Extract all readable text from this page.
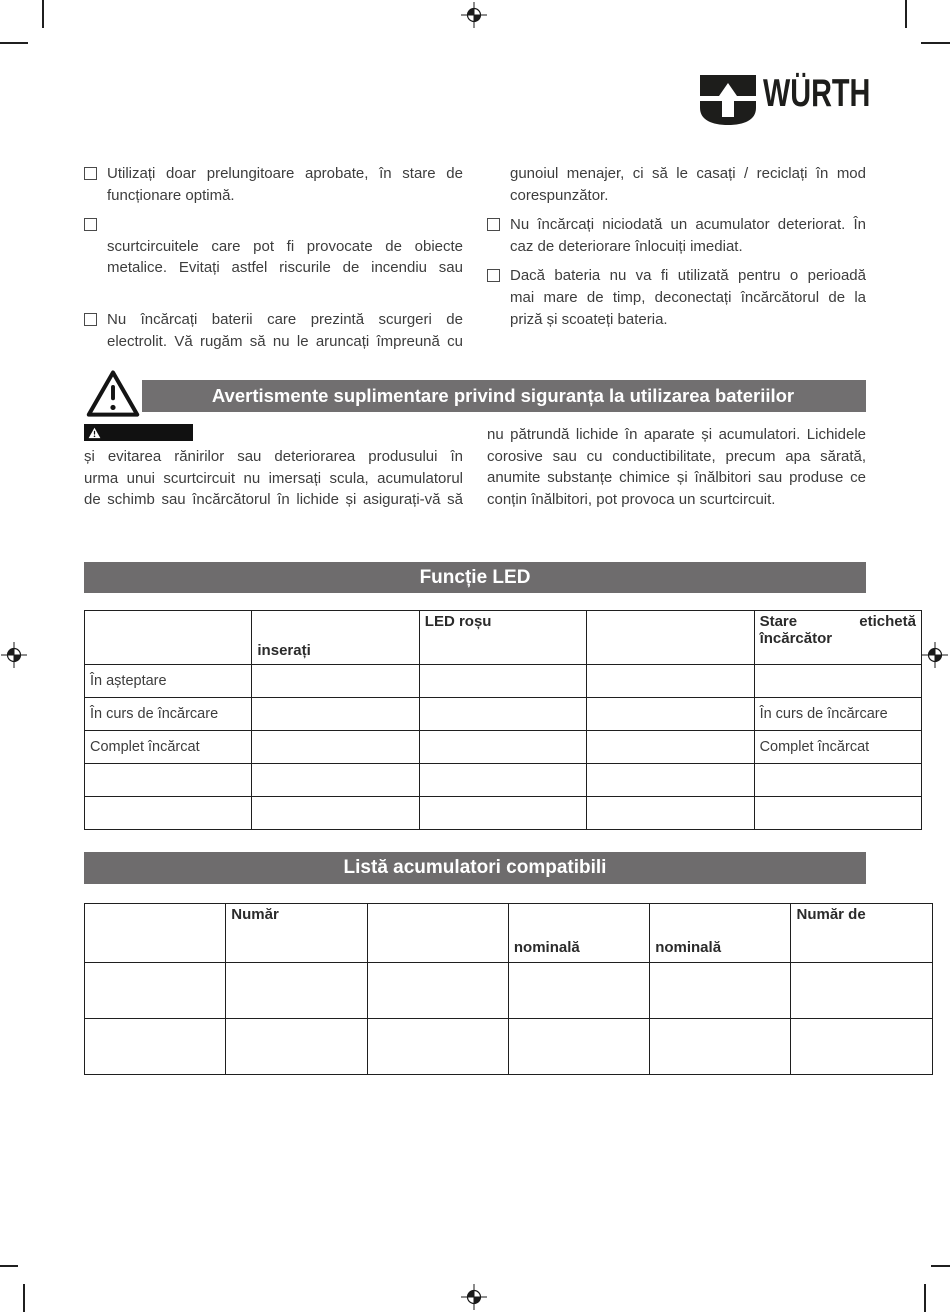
WÜRTH
Utilizați doar prelungitoare aprobate, în stare de
funcționare optimă.
scurtcircuitele care pot fi provocate de obiecte
metalice. Evitați astfel riscurile de incendiu sau
Nu încărcați baterii care prezintă scurgeri de
electrolit. Vă rugăm să nu le aruncați împreună cu
gunoiul menajer, ci să le casați / reciclați în mod
corespunzător.
Nu încărcați niciodată un acumulator deteriorat. În
caz de deteriorare înlocuiți imediat.
Dacă bateria nu va fi utilizată pentru o perioadă
mai mare de timp, deconectați încărcătorul de la
priză și scoateți bateria.
Avertismente suplimentare privind siguranța la utilizarea bateriilor
și evitarea rănirilor sau deteriorarea produsului în
urma unui scurtcircuit nu imersați scula, acumulatorul
de schimb sau încărcătorul în lichide și asigurați-vă să
nu pătrundă lichide în aparate și acumulatori. Lichidele
corosive sau cu conductibilitate, precum apa sărată,
anumite substanțe chimice și înălbitori sau produse ce
conțin înălbitori, pot provoca un scurtcircuit.
Funcție LED
	inserați	LED roșu		Stare etichetă
încărcător
În așteptare				
În curs de încărcare				În curs de încărcare
Complet încărcat				Complet încărcat

Listă acumulatori compatibili
	Număr		nominală	nominală	Număr de
